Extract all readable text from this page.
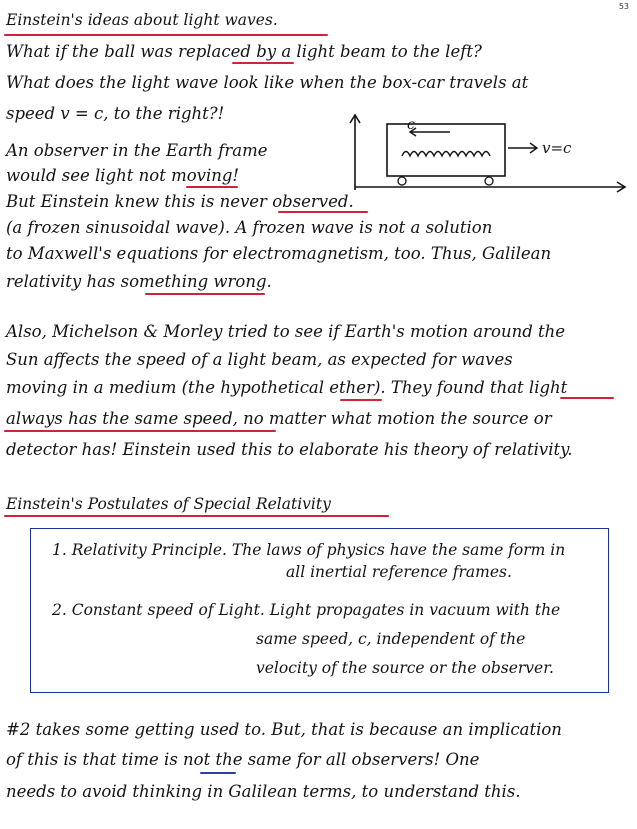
53
Einstein's ideas about light waves.
What if the ball was replaced by a light beam to the left?
What does the light wave look like when the box-car travels at
speed v = c, to the right?!
An observer in the Earth frame
would see light not moving!
But Einstein knew this is never observed.
(a frozen sinusoidal wave). A frozen wave is not a solution
to Maxwell's equations for electromagnetism, too. Thus, Galilean
relativity has something wrong.
c
v=c
Also, Michelson & Morley tried to see if Earth's motion around the
Sun affects the speed of a light beam, as expected for waves
moving in a medium (the hypothetical ether). They found that light
always has the same speed, no matter what motion the source or
detector has! Einstein used this to elaborate his theory of relativity.
Einstein's Postulates of Special Relativity
1. Relativity Principle. The laws of physics have the same form in
all inertial reference frames.
2. Constant speed of Light. Light propagates in vacuum with the
same speed, c, independent of the
velocity of the source or the observer.
#2 takes some getting used to. But, that is because an implication
of this is that time is not the same for all observers! One
needs to avoid thinking in Galilean terms, to understand this.
